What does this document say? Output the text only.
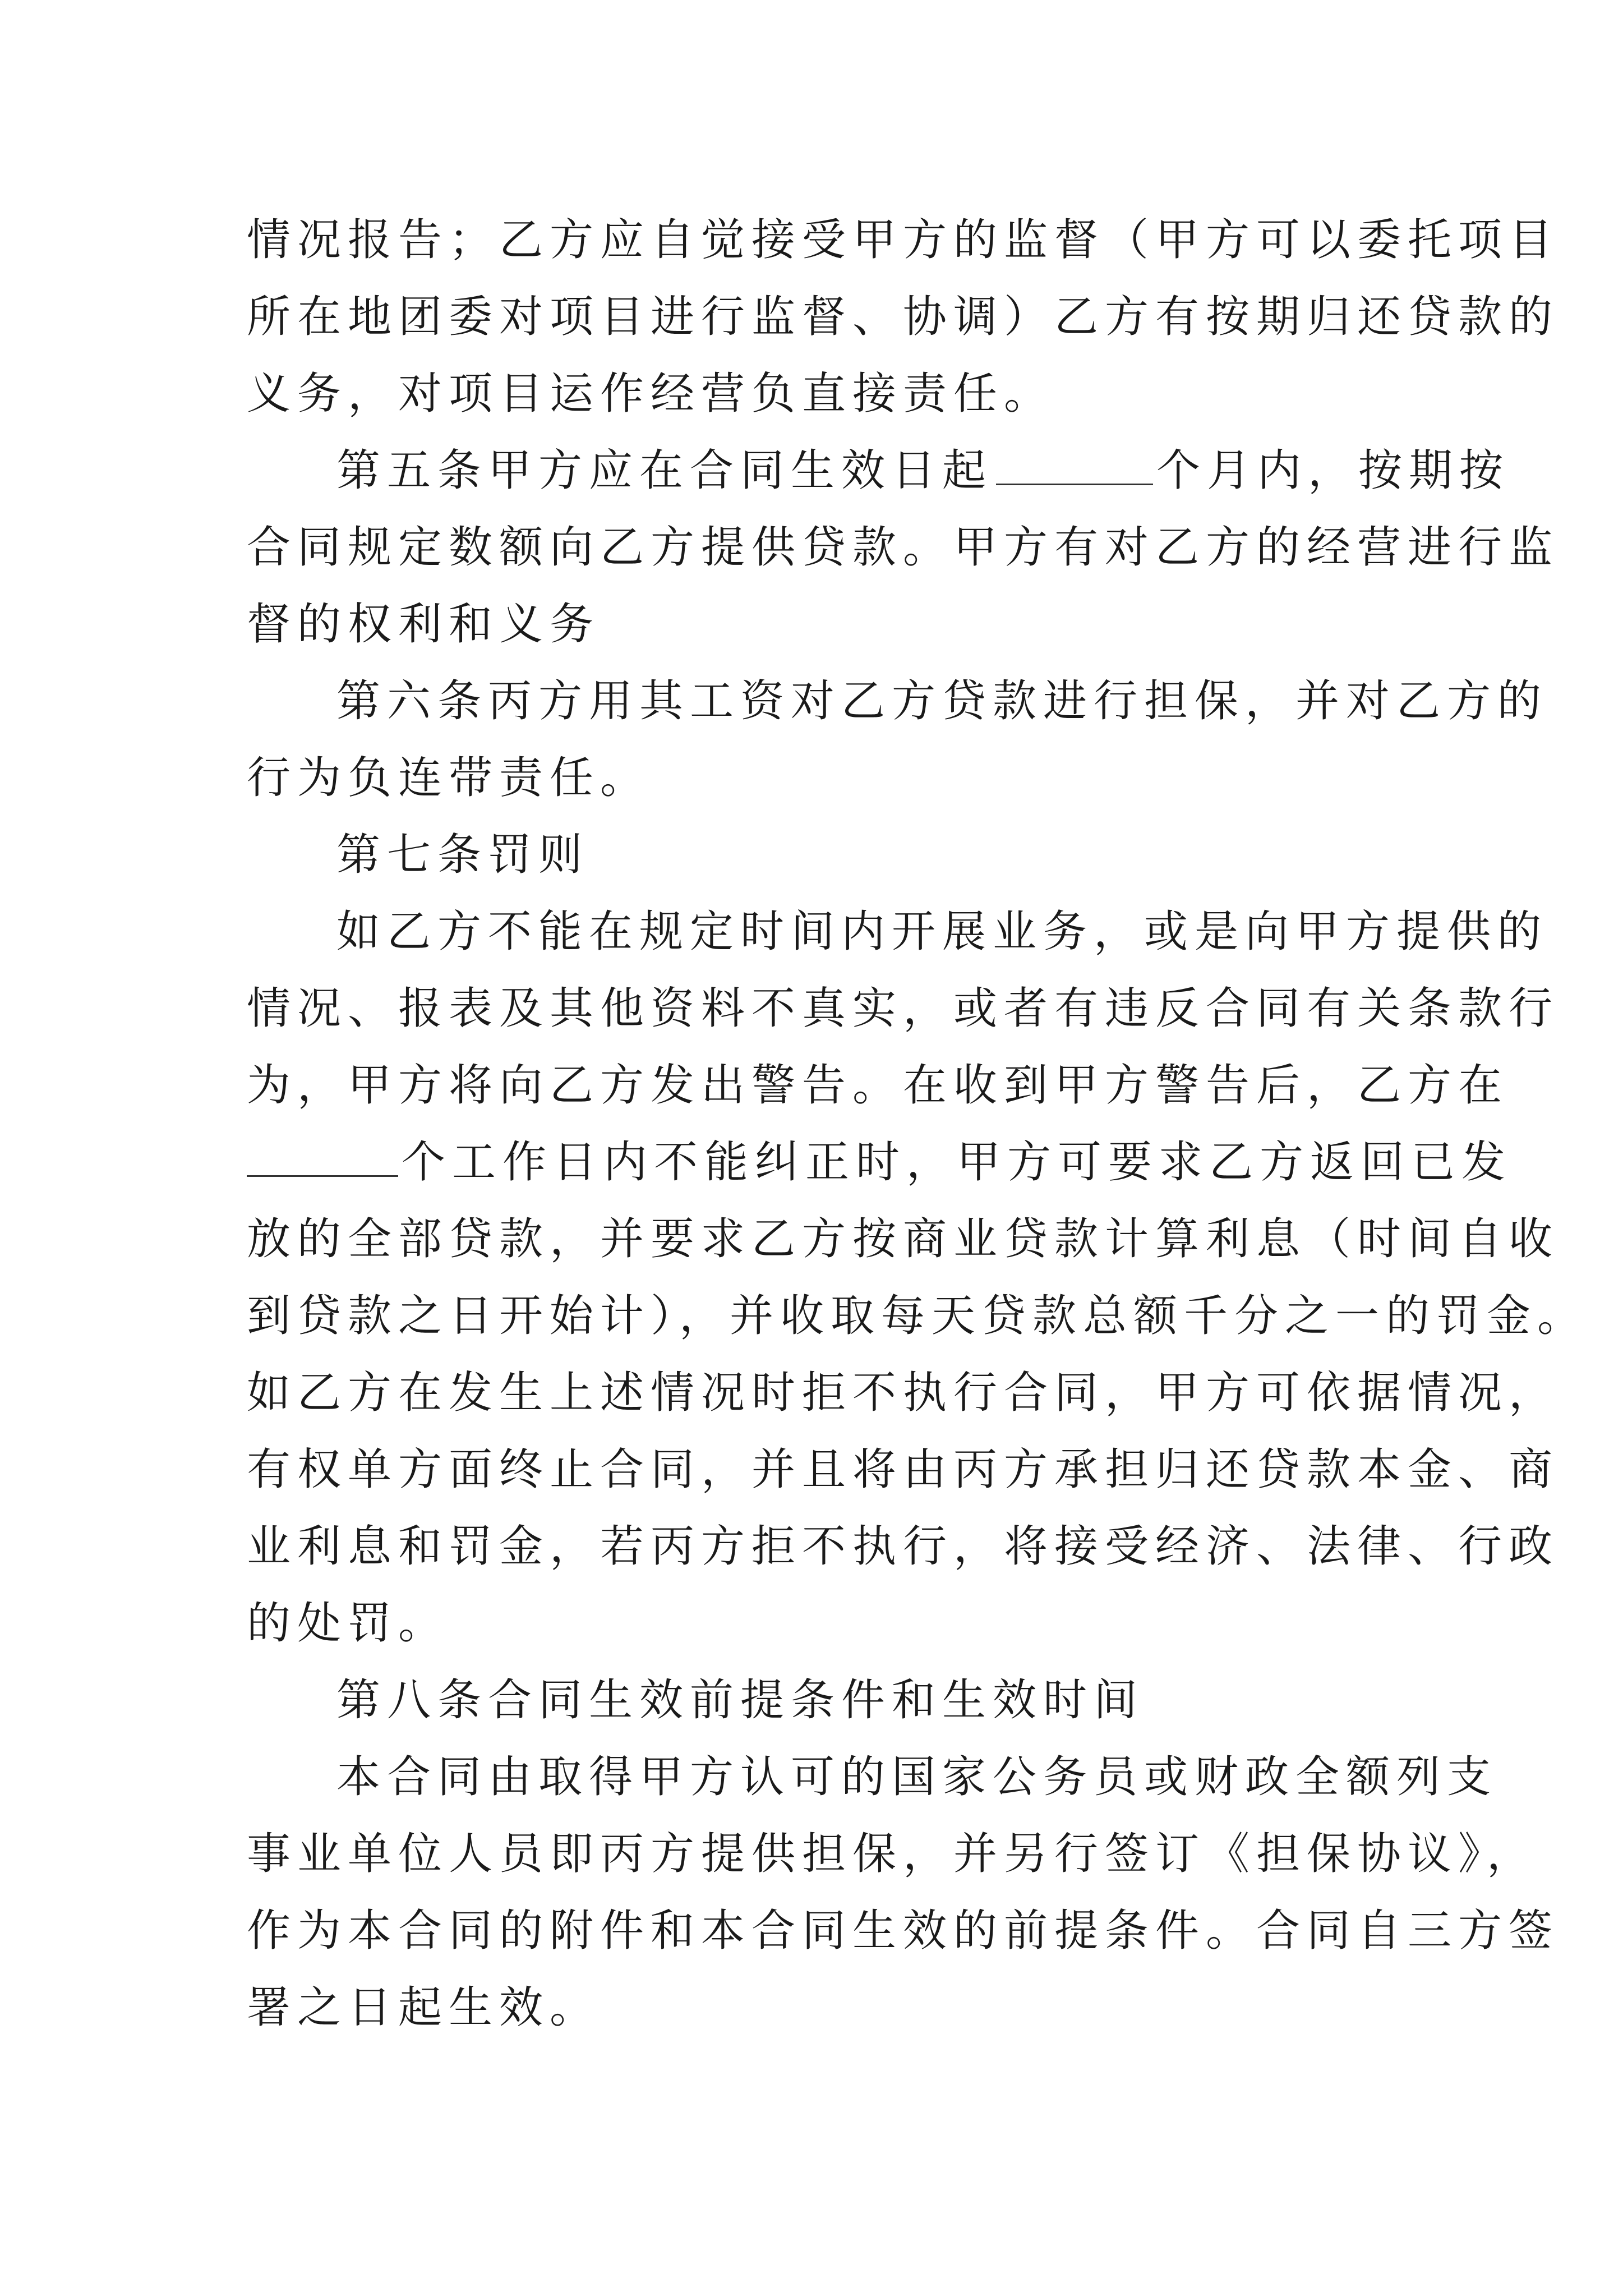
情况报告；乙方应自觉接受甲方的监督（甲方可以委托项目
所在地团委对项目进行监督、协调）乙方有按期归还贷款的
义务，对项目运作经营负直接责任。
第五条甲方应在合同生效日起	个月内，按期按
合同规定数额向乙方提供贷款。甲方有对乙方的经营进行监
督的权利和义务
第六条丙方用其工资对乙方贷款进行担保，并对乙方的
行为负连带责任。
第七条罚则
如乙方不能在规定时间内开展业务，或是向甲方提供的
情况、报表及其他资料不真实，或者有违反合同有关条款行
为，甲方将向乙方发出警告。在收到甲方警告后，乙方在
个工作日内不能纠正时，甲方可要求乙方返回已发
放的全部贷款，并要求乙方按商业贷款计算利息（时间自收
到贷款之日开始计），并收取每天贷款总额千分之一的罚金。
如乙方在发生上述情况时拒不执行合同，甲方可依据情况，
有权单方面终止合同，并且将由丙方承担归还贷款本金、商
业利息和罚金，若丙方拒不执行，将接受经济、法律、行政
的处罚。
第八条合同生效前提条件和生效时间
本合同由取得甲方认可的国家公务员或财政全额列支
事业单位人员即丙方提供担保，并另行签订《担保协议》，
作为本合同的附件和本合同生效的前提条件。合同自三方签
署之日起生效。
